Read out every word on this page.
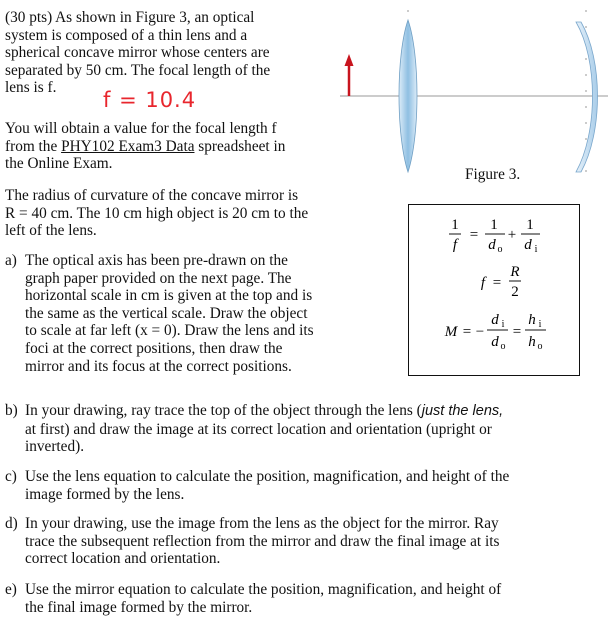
(30 pts) As shown in Figure 3, an optical
system is composed of a thin lens and a
spherical concave mirror whose centers are
separated by 50 cm. The focal length of the
lens is f.
f = 10.4
You will obtain a value for the focal length f
from the PHY102 Exam3 Data spreadsheet in
the Online Exam.
The radius of curvature of the concave mirror is
R = 40 cm. The 10 cm high object is 20 cm to the
left of the lens.
Figure 3.
1
f
=
1
d o
+
1
d i
f =
R
2
M = −
d i
d o
=
h i
h o
a) The optical axis has been pre-drawn on the
graph paper provided on the next page. The
horizontal scale in cm is given at the top and is
the same as the vertical scale. Draw the object
to scale at far left (x = 0). Draw the lens and its
foci at the correct positions, then draw the
mirror and its focus at the correct positions.
b) In your drawing, ray trace the top of the object through the lens (just the lens,
at first) and draw the image at its correct location and orientation (upright or
inverted).
c) Use the lens equation to calculate the position, magnification, and height of the
image formed by the lens.
d) In your drawing, use the image from the lens as the object for the mirror. Ray
trace the subsequent reflection from the mirror and draw the final image at its
correct location and orientation.
e) Use the mirror equation to calculate the position, magnification, and height of
the final image formed by the mirror.
